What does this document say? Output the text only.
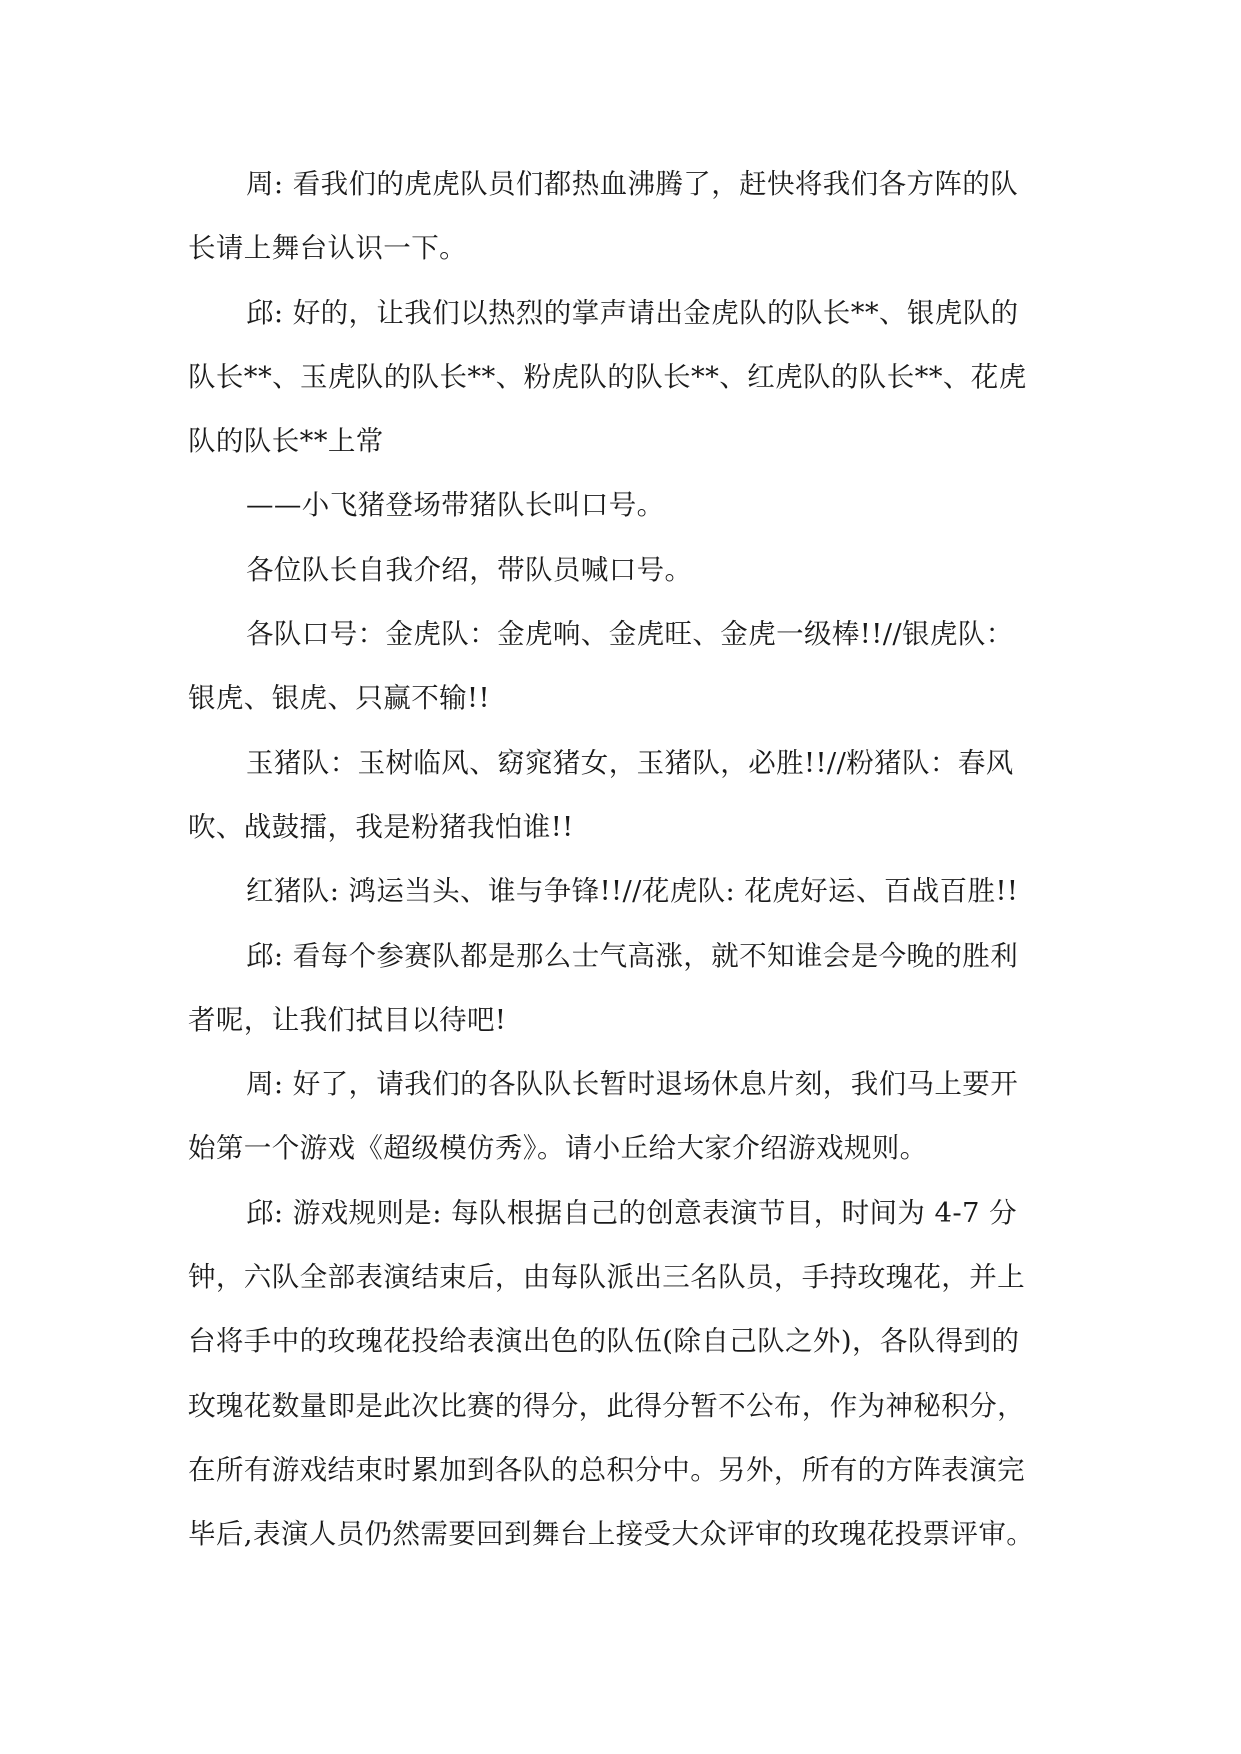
周: 看我们的虎虎队员们都热血沸腾了，赶快将我们各方阵的队
长请上舞台认识一下。

邱: 好的，让我们以热烈的掌声请出金虎队的队长**、银虎队的
队长**、玉虎队的队长**、粉虎队的队长**、红虎队的队长**、花虎
队的队长**上常

——小飞猪登场带猪队长叫口号。

各位队长自我介绍，带队员喊口号。

各队口号：金虎队：金虎响、金虎旺、金虎一级棒!!//银虎队：
银虎、银虎、只赢不输!!

玉猪队：玉树临风、窈窕猪女，玉猪队，必胜!!//粉猪队：春风
吹、战鼓擂，我是粉猪我怕谁!!

红猪队: 鸿运当头、谁与争锋!!//花虎队: 花虎好运、百战百胜!!

邱: 看每个参赛队都是那么士气高涨，就不知谁会是今晚的胜利
者呢，让我们拭目以待吧!

周: 好了，请我们的各队队长暂时退场休息片刻，我们马上要开
始第一个游戏《超级模仿秀》。请小丘给大家介绍游戏规则。

邱: 游戏规则是: 每队根据自己的创意表演节目，时间为 4-7 分
钟，六队全部表演结束后，由每队派出三名队员，手持玫瑰花，并上
台将手中的玫瑰花投给表演出色的队伍(除自己队之外)，各队得到的
玫瑰花数量即是此次比赛的得分，此得分暂不公布，作为神秘积分，
在所有游戏结束时累加到各队的总积分中。另外，所有的方阵表演完
毕后,表演人员仍然需要回到舞台上接受大众评审的玫瑰花投票评审。
